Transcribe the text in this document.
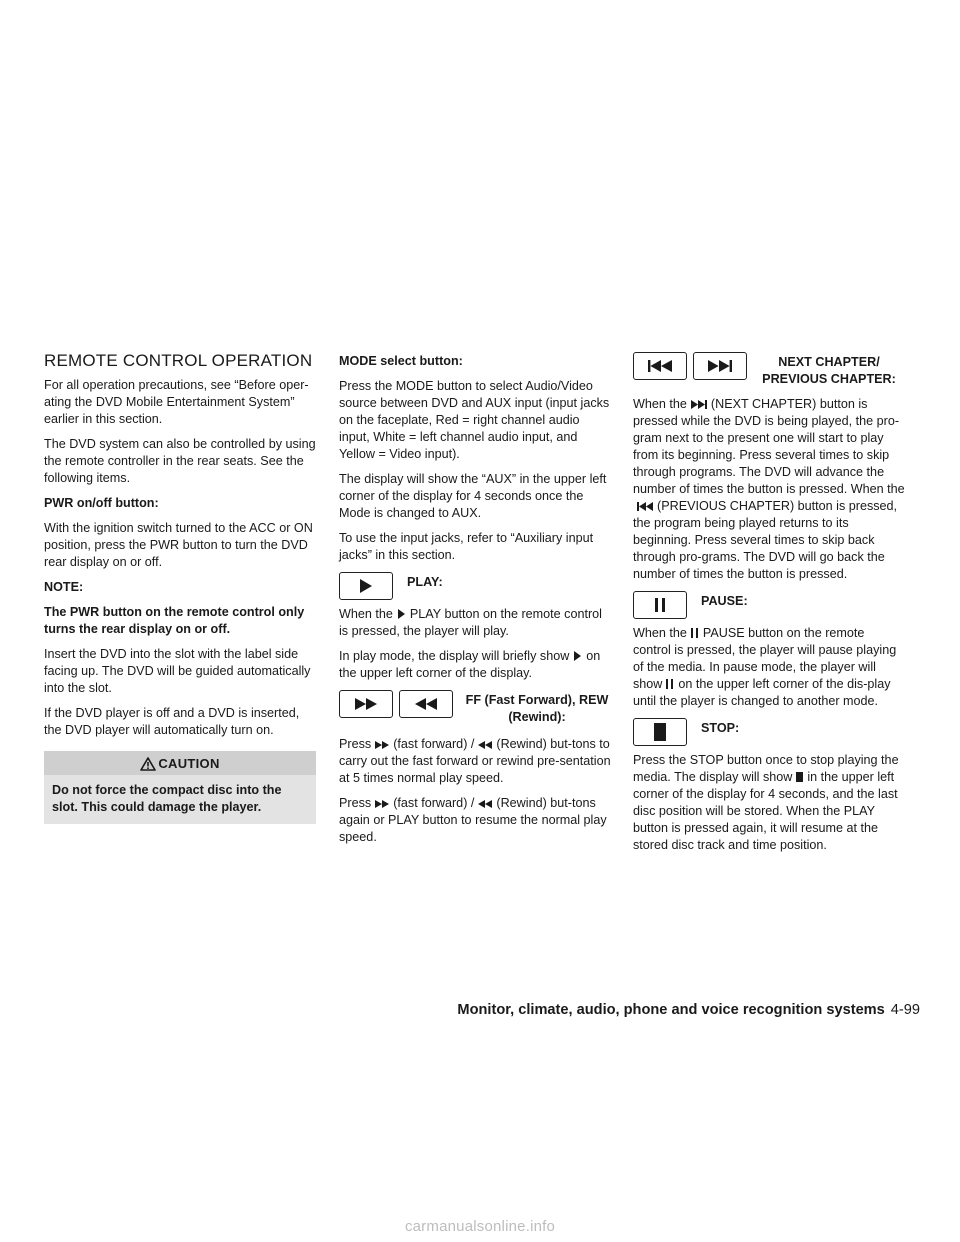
REMOTE CONTROL OPERATION

For all operation precautions, see “Before oper-ating the DVD Mobile Entertainment System” earlier in this section.

The DVD system can also be controlled by using the remote controller in the rear seats. See the following items.

PWR on/off button:

With the ignition switch turned to the ACC or ON position, press the PWR button to turn the DVD rear display on or off.

NOTE:

The PWR button on the remote control only turns the rear display on or off.

Insert the DVD into the slot with the label side facing up. The DVD will be guided automatically into the slot.

If the DVD player is off and a DVD is inserted, the DVD player will automatically turn on.

CAUTION
Do not force the compact disc into the slot. This could damage the player.

MODE select button:

Press the MODE button to select Audio/Video source between DVD and AUX input (input jacks on the faceplate, Red = right channel audio input, White = left channel audio input, and Yellow = Video input).

The display will show the “AUX” in the upper left corner of the display for 4 seconds once the Mode is changed to AUX.

To use the input jacks, refer to “Auxiliary input jacks” in this section.

PLAY:

When the PLAY button on the remote control is pressed, the player will play.

In play mode, the display will briefly show on the upper left corner of the display.

FF (Fast Forward), REW (Rewind):

Press (fast forward) / (Rewind) but-tons to carry out the fast forward or rewind pre-sentation at 5 times normal play speed.

Press (fast forward) / (Rewind) but-tons again or PLAY button to resume the normal play speed.

NEXT CHAPTER/ PREVIOUS CHAPTER:

When the (NEXT CHAPTER) button is pressed while the DVD is being played, the pro-gram next to the present one will start to play from its beginning. Press several times to skip through programs. The DVD will advance the number of times the button is pressed. When the(PREVIOUS CHAPTER) button is pressed, the program being played returns to its beginning. Press several times to skip back through pro-grams. The DVD will go back the number of times the button is pressed.

PAUSE:

When the PAUSE button on the remote control is pressed, the player will pause playing of the media. In pause mode, the player will show on the upper left corner of the dis-play until the player is changed to another mode.

STOP:

Press the STOP button once to stop playing the media. The display will show in the upper left corner of the display for 4 seconds, and the last disc position will be stored. When the PLAY button is pressed again, it will resume at the stored disc track and time position.

Monitor, climate, audio, phone and voice recognition systems 4-99
carmanualsonline.info
